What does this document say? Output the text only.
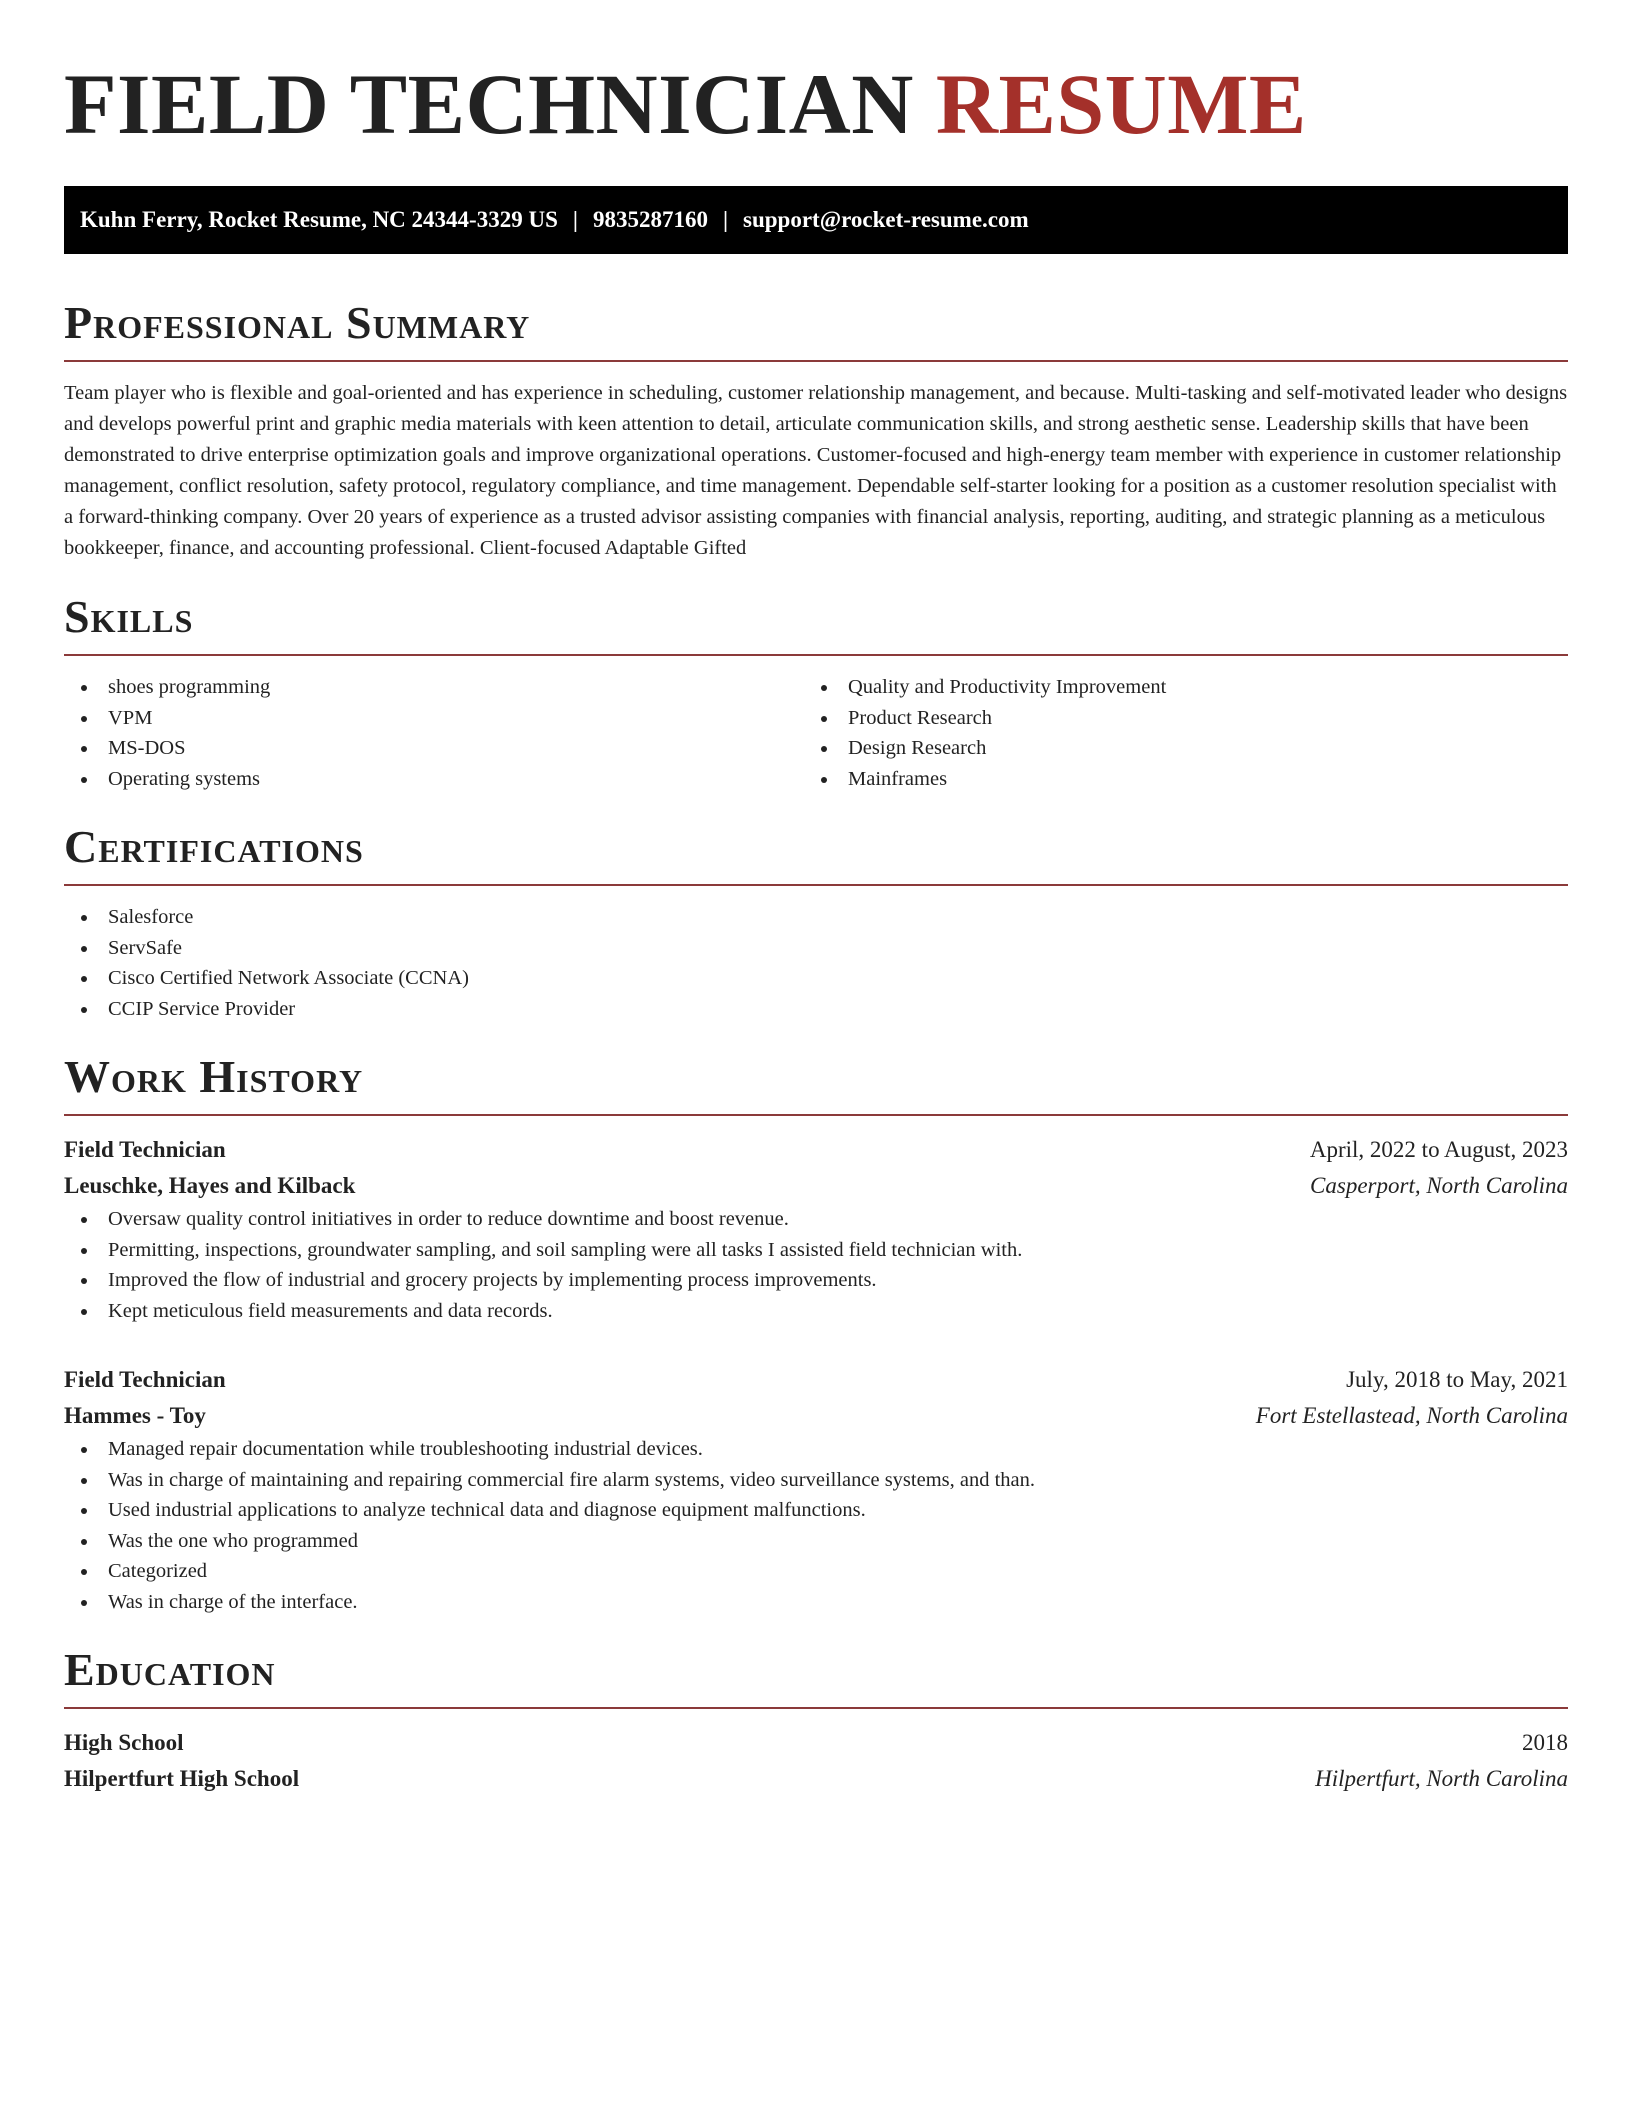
FIELD TECHNICIAN RESUME
Kuhn Ferry, Rocket Resume, NC 24344-3329 US | 9835287160 | support@rocket-resume.com
Professional Summary

Team player who is flexible and goal-oriented and has experience in scheduling, customer relationship management, and because. Multi-tasking and self-motivated leader who designs and develops powerful print and graphic media materials with keen attention to detail, articulate communication skills, and strong aesthetic sense. Leadership skills that have been demonstrated to drive enterprise optimization goals and improve organizational operations. Customer-focused and high-energy team member with experience in customer relationship management, conflict resolution, safety protocol, regulatory compliance, and time management. Dependable self-starter looking for a position as a customer resolution specialist with a forward-thinking company. Over 20 years of experience as a trusted advisor assisting companies with financial analysis, reporting, auditing, and strategic planning as a meticulous bookkeeper, finance, and accounting professional. Client-focused Adaptable Gifted

Skills
shoes programming
VPM
MS-DOS
Operating systems
Quality and Productivity Improvement
Product Research
Design Research
Mainframes
Certifications
Salesforce
ServSafe
Cisco Certified Network Associate (CCNA)
CCIP Service Provider
Work History
Field Technician	April, 2022 to August, 2023
Leuschke, Hayes and Kilback	Casperport, North Carolina
Oversaw quality control initiatives in order to reduce downtime and boost revenue.
Permitting, inspections, groundwater sampling, and soil sampling were all tasks I assisted field technician with.
Improved the flow of industrial and grocery projects by implementing process improvements.
Kept meticulous field measurements and data records.
Field Technician	July, 2018 to May, 2021
Hammes - Toy	Fort Estellastead, North Carolina
Managed repair documentation while troubleshooting industrial devices.
Was in charge of maintaining and repairing commercial fire alarm systems, video surveillance systems, and than.
Used industrial applications to analyze technical data and diagnose equipment malfunctions.
Was the one who programmed
Categorized
Was in charge of the interface.
Education
High School	2018
Hilpertfurt High School	Hilpertfurt, North Carolina
